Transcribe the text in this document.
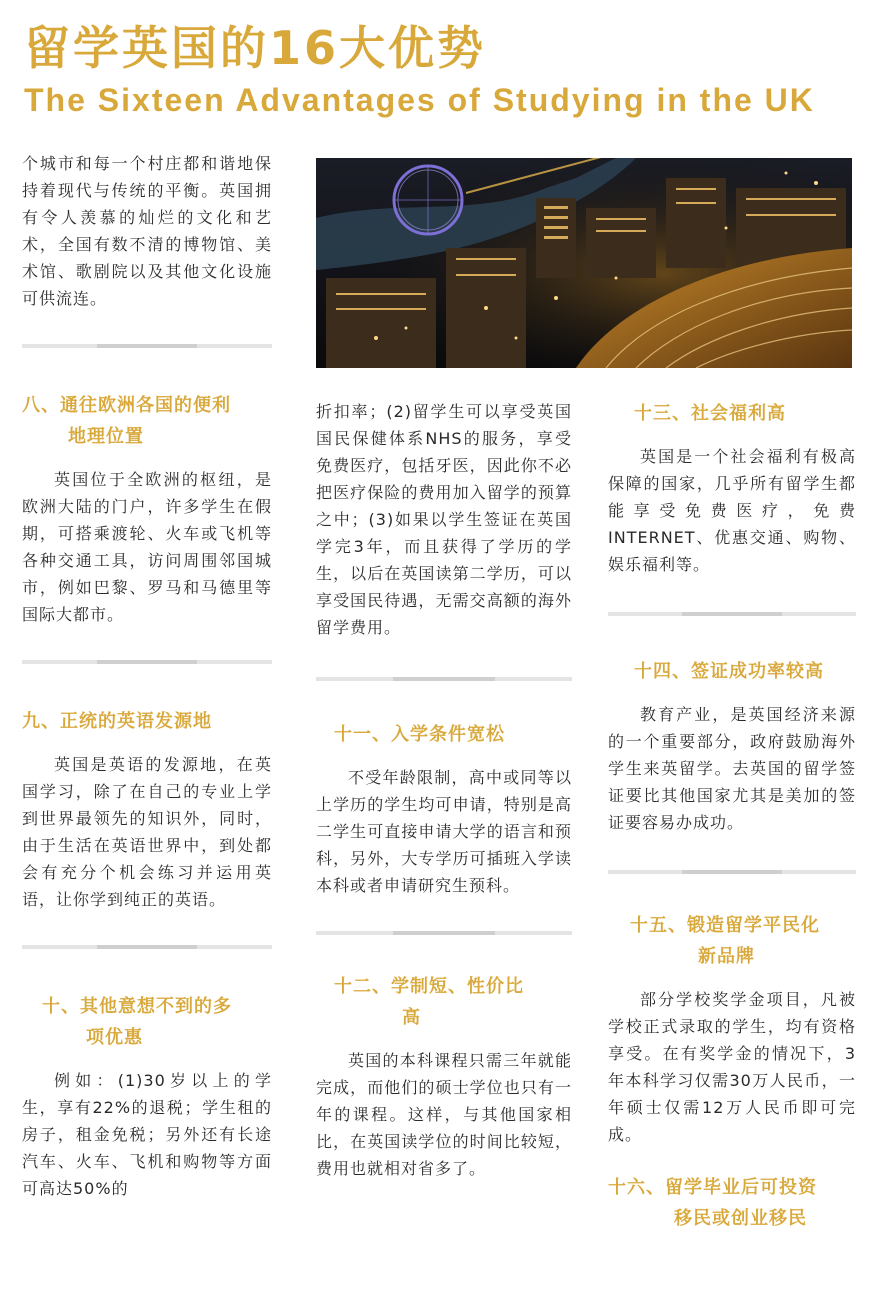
留学英国的16大优势
The Sixteen Advantages of Studying in the UK

个城市和每一个村庄都和谐地保持着现代与传统的平衡。英国拥有令人羡慕的灿烂的文化和艺术，全国有数不清的博物馆、美术馆、歌剧院以及其他文化设施可供流连。

八、通往欧洲各国的便利
地理位置

英国位于全欧洲的枢纽，是欧洲大陆的门户，许多学生在假期，可搭乘渡轮、火车或飞机等各种交通工具，访问周围邻国城市，例如巴黎、罗马和马德里等国际大都市。

九、正统的英语发源地

英国是英语的发源地，在英国学习，除了在自己的专业上学到世界最领先的知识外，同时，由于生活在英语世界中，到处都会有充分个机会练习并运用英语，让你学到纯正的英语。

十、其他意想不到的多
项优惠

例如：(1)30岁以上的学生，享有22%的退税；学生租的房子，租金免税；另外还有长途汽车、火车、飞机和购物等方面可高达50%的

折扣率；(2)留学生可以享受英国国民保健体系NHS的服务，享受免费医疗，包括牙医，因此你不必把医疗保险的费用加入留学的预算之中；(3)如果以学生签证在英国学完3年，而且获得了学历的学生，以后在英国读第二学历，可以享受国民待遇，无需交高额的海外留学费用。

十一、入学条件宽松

不受年龄限制，高中或同等以上学历的学生均可申请，特别是高二学生可直接申请大学的语言和预科，另外，大专学历可插班入学读本科或者申请研究生预科。

十二、学制短、性价比
高

英国的本科课程只需三年就能完成，而他们的硕士学位也只有一年的课程。这样，与其他国家相比，在英国读学位的时间比较短，费用也就相对省多了。

十三、社会福利高

英国是一个社会福利有极高保障的国家，几乎所有留学生都能享受免费医疗，免费INTERNET、优惠交通、购物、娱乐福利等。

十四、签证成功率较高

教育产业，是英国经济来源的一个重要部分，政府鼓励海外学生来英留学。去英国的留学签证要比其他国家尤其是美加的签证要容易办成功。

十五、锻造留学平民化
新品牌

部分学校奖学金项目，凡被学校正式录取的学生，均有资格享受。在有奖学金的情况下，3年本科学习仅需30万人民币，一年硕士仅需12万人民币即可完成。

十六、留学毕业后可投资
移民或创业移民
